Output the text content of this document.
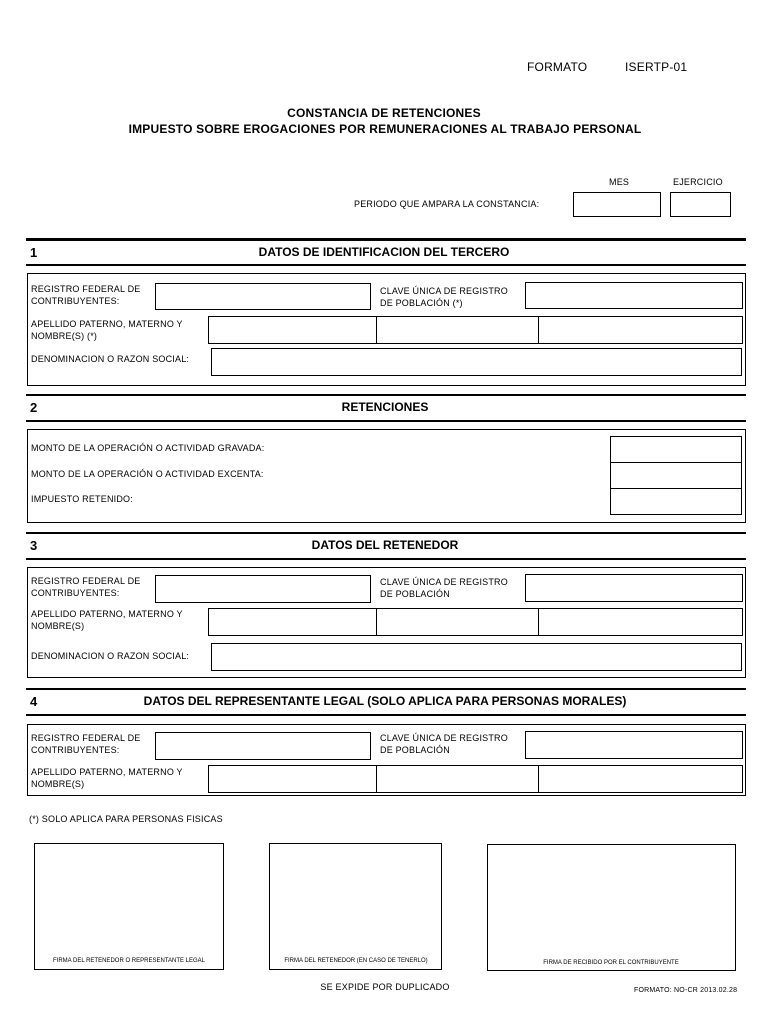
FORMATO	ISERTP-01
CONSTANCIA DE RETENCIONES
IMPUESTO SOBRE EROGACIONES POR REMUNERACIONES AL TRABAJO PERSONAL
MES	EJERCICIO
PERIODO QUE AMPARA LA CONSTANCIA:
1	DATOS DE IDENTIFICACION DEL TERCERO
REGISTRO FEDERAL DE
CONTRIBUYENTES:
CLAVE ÚNICA DE REGISTRO
DE POBLACIÓN (*)
APELLIDO PATERNO, MATERNO Y
NOMBRE(S) (*)
DENOMINACION O RAZON SOCIAL:
2	RETENCIONES
MONTO DE LA OPERACIÓN O ACTIVIDAD GRAVADA:
MONTO DE LA OPERACIÓN O ACTIVIDAD EXCENTA:
IMPUESTO RETENIDO:
3	DATOS DEL RETENEDOR
REGISTRO FEDERAL DE
CONTRIBUYENTES:
CLAVE ÚNICA DE REGISTRO
DE POBLACIÓN
APELLIDO PATERNO, MATERNO Y
NOMBRE(S)
DENOMINACION O RAZON SOCIAL:
4	DATOS DEL REPRESENTANTE LEGAL (SOLO APLICA PARA PERSONAS MORALES)
REGISTRO FEDERAL DE
CONTRIBUYENTES:
CLAVE ÚNICA DE REGISTRO
DE POBLACIÓN
APELLIDO PATERNO, MATERNO Y
NOMBRE(S)
(*) SOLO APLICA PARA PERSONAS FISICAS
FIRMA DEL RETENEDOR O REPRESENTANTE LEGAL	FIRMA DEL RETENEDOR (EN CASO DE TENERLO)	FIRMA DE RECIBIDO POR EL CONTRIBUYENTE
SE EXPIDE POR DUPLICADO	FORMATO: NO-CR 2013.02.28
